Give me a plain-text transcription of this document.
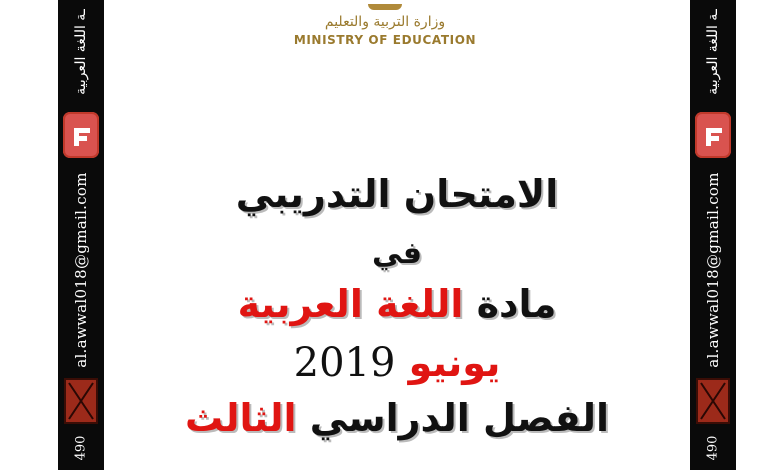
ـة اللغة العربية
al.awwal018@gmail.com
490
ـة اللغة العربية
al.awwal018@gmail.com
490
وزارة التربية والتعليم
MINISTRY OF EDUCATION
الامتحان التدريبي
في
مادة اللغة العربية
يونيو 2019
الفصل الدراسي الثالث
